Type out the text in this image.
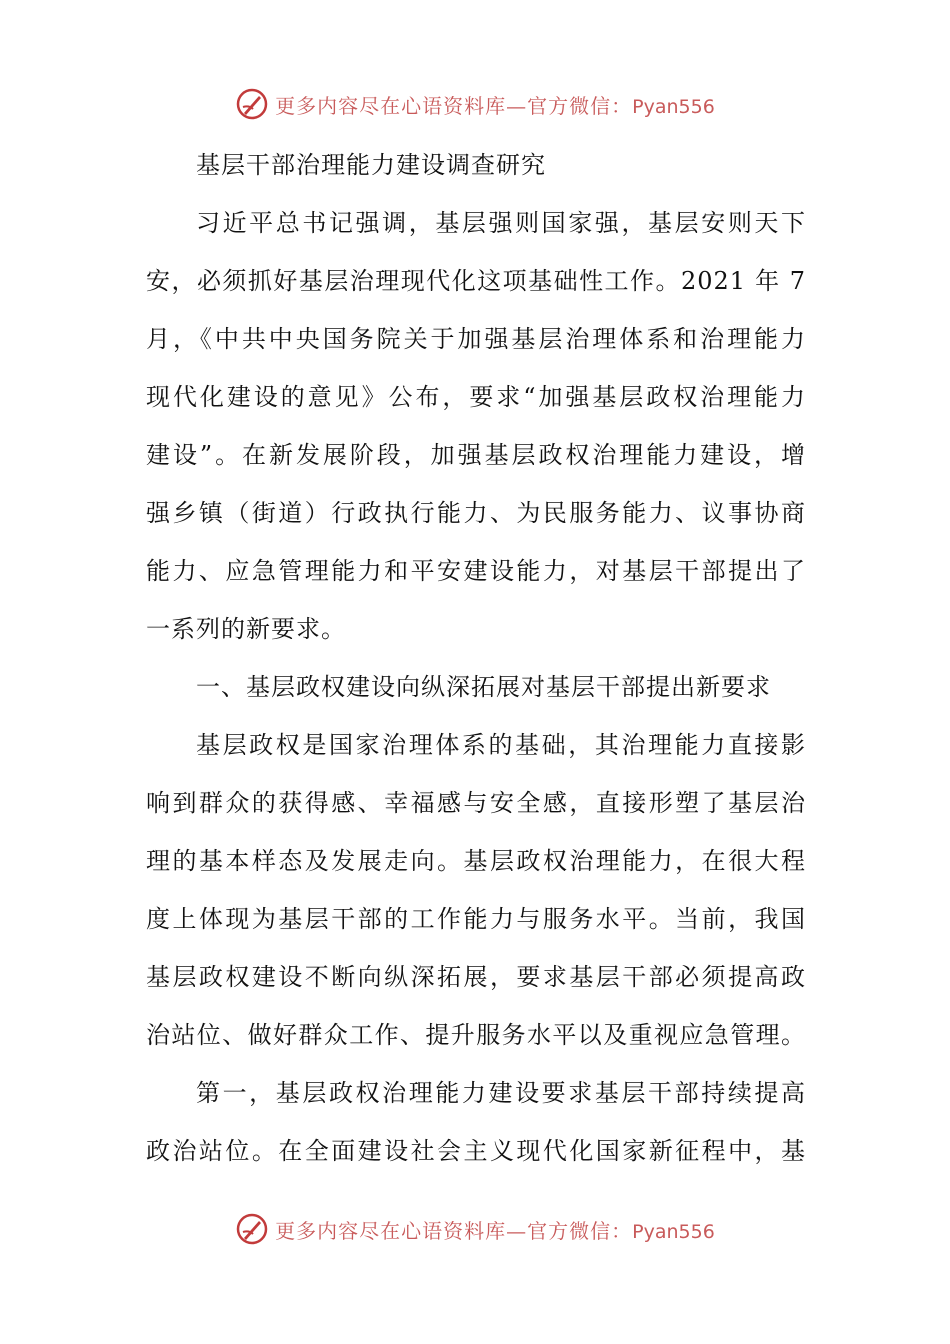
更多内容尽在心语资料库—官方微信：Pyan556
基层干部治理能力建设调查研究
习近平总书记强调，基层强则国家强，基层安则天下
安，必须抓好基层治理现代化这项基础性工作。2021 年 7
月，《中共中央国务院关于加强基层治理体系和治理能力
现代化建设的意见》公布，要求“加强基层政权治理能力
建设”。在新发展阶段，加强基层政权治理能力建设，增
强乡镇（街道）行政执行能力、为民服务能力、议事协商
能力、应急管理能力和平安建设能力，对基层干部提出了
一系列的新要求。
一、基层政权建设向纵深拓展对基层干部提出新要求
基层政权是国家治理体系的基础，其治理能力直接影
响到群众的获得感、幸福感与安全感，直接形塑了基层治
理的基本样态及发展走向。基层政权治理能力，在很大程
度上体现为基层干部的工作能力与服务水平。当前，我国
基层政权建设不断向纵深拓展，要求基层干部必须提高政
治站位、做好群众工作、提升服务水平以及重视应急管理。
第一，基层政权治理能力建设要求基层干部持续提高
政治站位。在全面建设社会主义现代化国家新征程中，基
更多内容尽在心语资料库—官方微信：Pyan556
